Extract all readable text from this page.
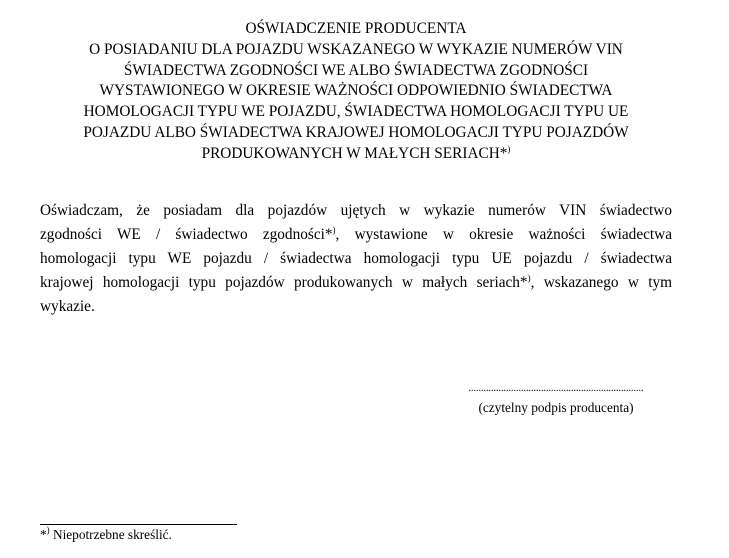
OŚWIADCZENIE PRODUCENTA
O POSIADANIU DLA POJAZDU WSKAZANEGO W WYKAZIE NUMERÓW VIN
ŚWIADECTWA ZGODNOŚCI WE ALBO ŚWIADECTWA ZGODNOŚCI
WYSTAWIONEGO W OKRESIE WAŻNOŚCI ODPOWIEDNIO ŚWIADECTWA
HOMOLOGACJI TYPU WE POJAZDU, ŚWIADECTWA HOMOLOGACJI TYPU UE
POJAZDU ALBO ŚWIADECTWA KRAJOWEJ HOMOLOGACJI TYPU POJAZDÓW
PRODUKOWANYCH W MAŁYCH SERIACH*)
Oświadczam, że posiadam dla pojazdów ujętych w wykazie numerów VIN świadectwo
zgodności WE / świadectwo zgodności*), wystawione w okresie ważności świadectwa
homologacji typu WE pojazdu / świadectwa homologacji typu UE pojazdu / świadectwa
krajowej homologacji typu pojazdów produkowanych w małych seriach*), wskazanego w tym
wykazie.
......................................................................
(czytelny podpis producenta)
*) Niepotrzebne skreślić.
